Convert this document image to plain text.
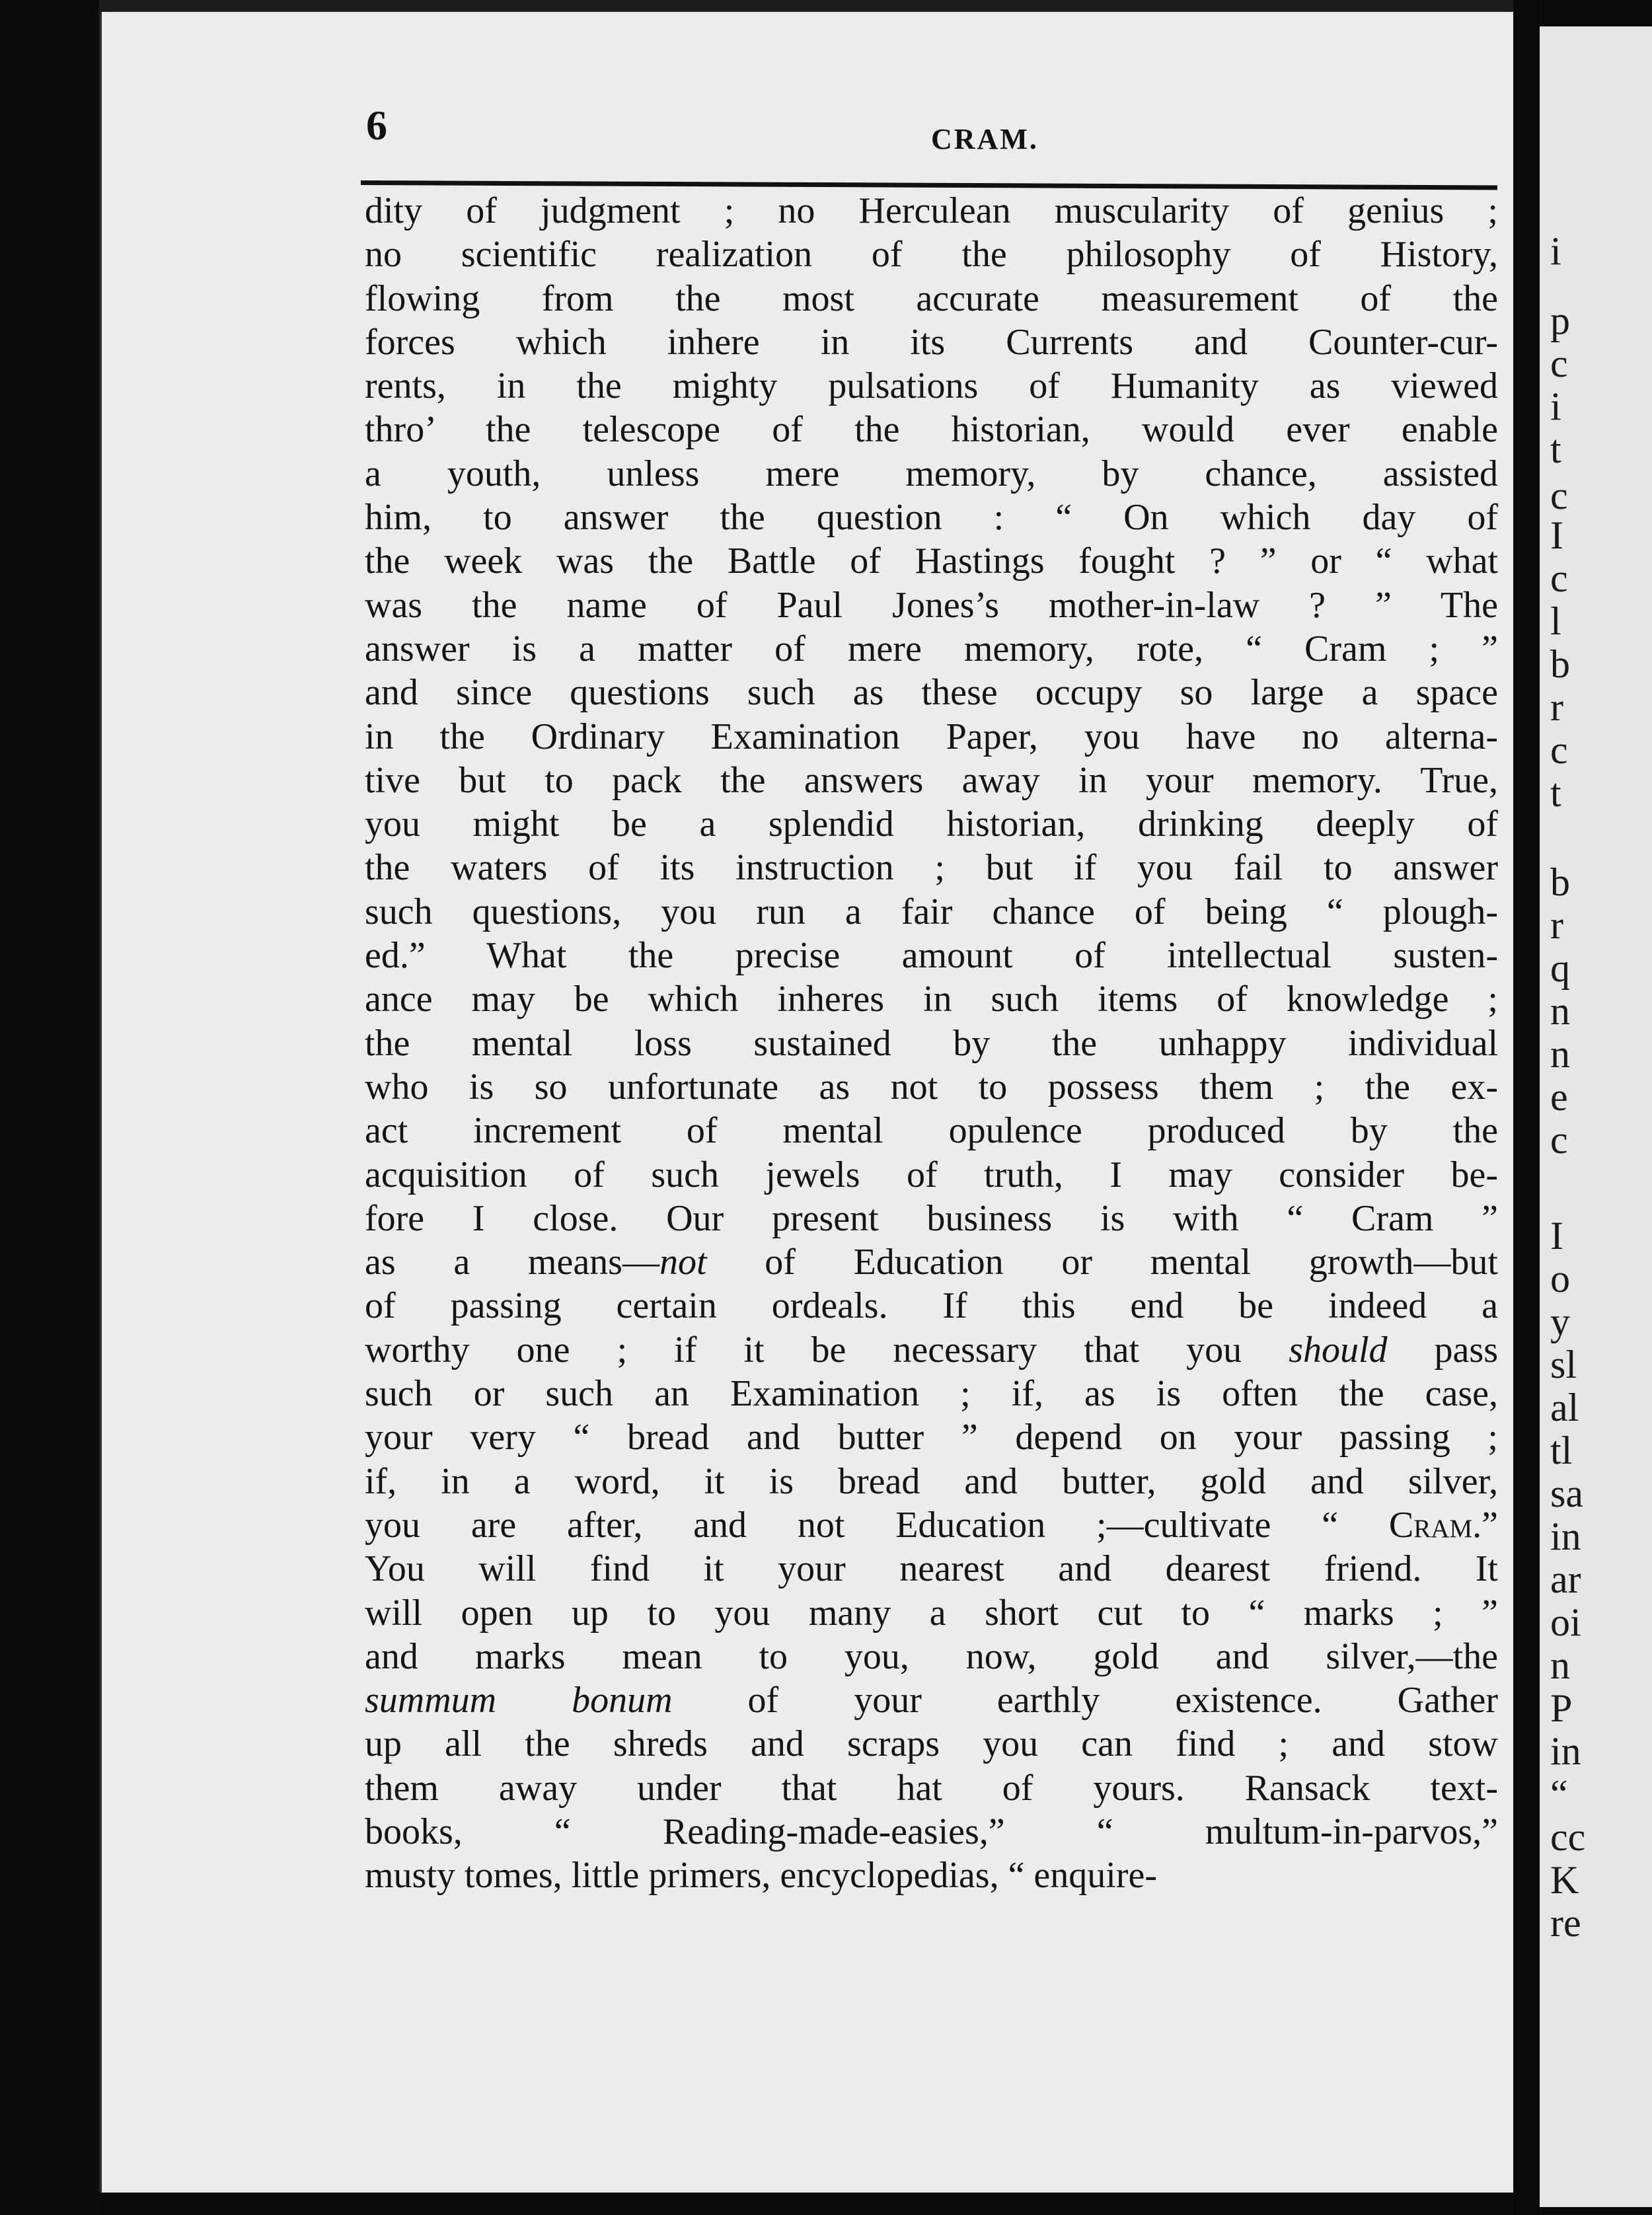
6	CRAM.
dity of judgment ; no Herculean muscularity of genius ;
no scientific realization of the philosophy of History,
flowing from the most accurate measurement of the
forces which inhere in its Currents and Counter-cur-
rents, in the mighty pulsations of Humanity as viewed
thro’ the telescope of the historian, would ever enable
a youth, unless mere memory, by chance, assisted
him, to answer the question : “ On which day of
the week was the Battle of Hastings fought ? ” or “ what
was the name of Paul Jones’s mother-in-law ? ” The
answer is a matter of mere memory, rote, “ Cram ; ”
and since questions such as these occupy so large a space
in the Ordinary Examination Paper, you have no alterna-
tive but to pack the answers away in your memory. True,
you might be a splendid historian, drinking deeply of
the waters of its instruction ; but if you fail to answer
such questions, you run a fair chance of being “ plough-
ed.” What the precise amount of intellectual susten-
ance may be which inheres in such items of knowledge ;
the mental loss sustained by the unhappy individual
who is so unfortunate as not to possess them ; the ex-
act increment of mental opulence produced by the
acquisition of such jewels of truth, I may consider be-
fore I close. Our present business is with “ Cram ”
as a means—not of Education or mental growth—but
of passing certain ordeals. If this end be indeed a
worthy one ; if it be necessary that you should pass
such or such an Examination ; if, as is often the case,
your very “ bread and butter ” depend on your passing ;
if, in a word, it is bread and butter, gold and silver,
you are after, and not Education ;—cultivate “ Cram.”
You will find it your nearest and dearest friend. It
will open up to you many a short cut to “ marks ; ”
and marks mean to you, now, gold and silver,—the
summum bonum of your earthly existence. Gather
up all the shreds and scraps you can find ; and stow
them away under that hat of yours. Ransack text-
books, “ Reading-made-easies,” “ multum-in-parvos,”
musty tomes, little primers, encyclopedias, “ enquire-
i
p
c
i
t
c
I
c
l
b
r
c
t
b
r
q
n
n
e
c
I
o
y
sl
al
tl
sa
in
ar
oi
n
P
in
“
cc
K
re
